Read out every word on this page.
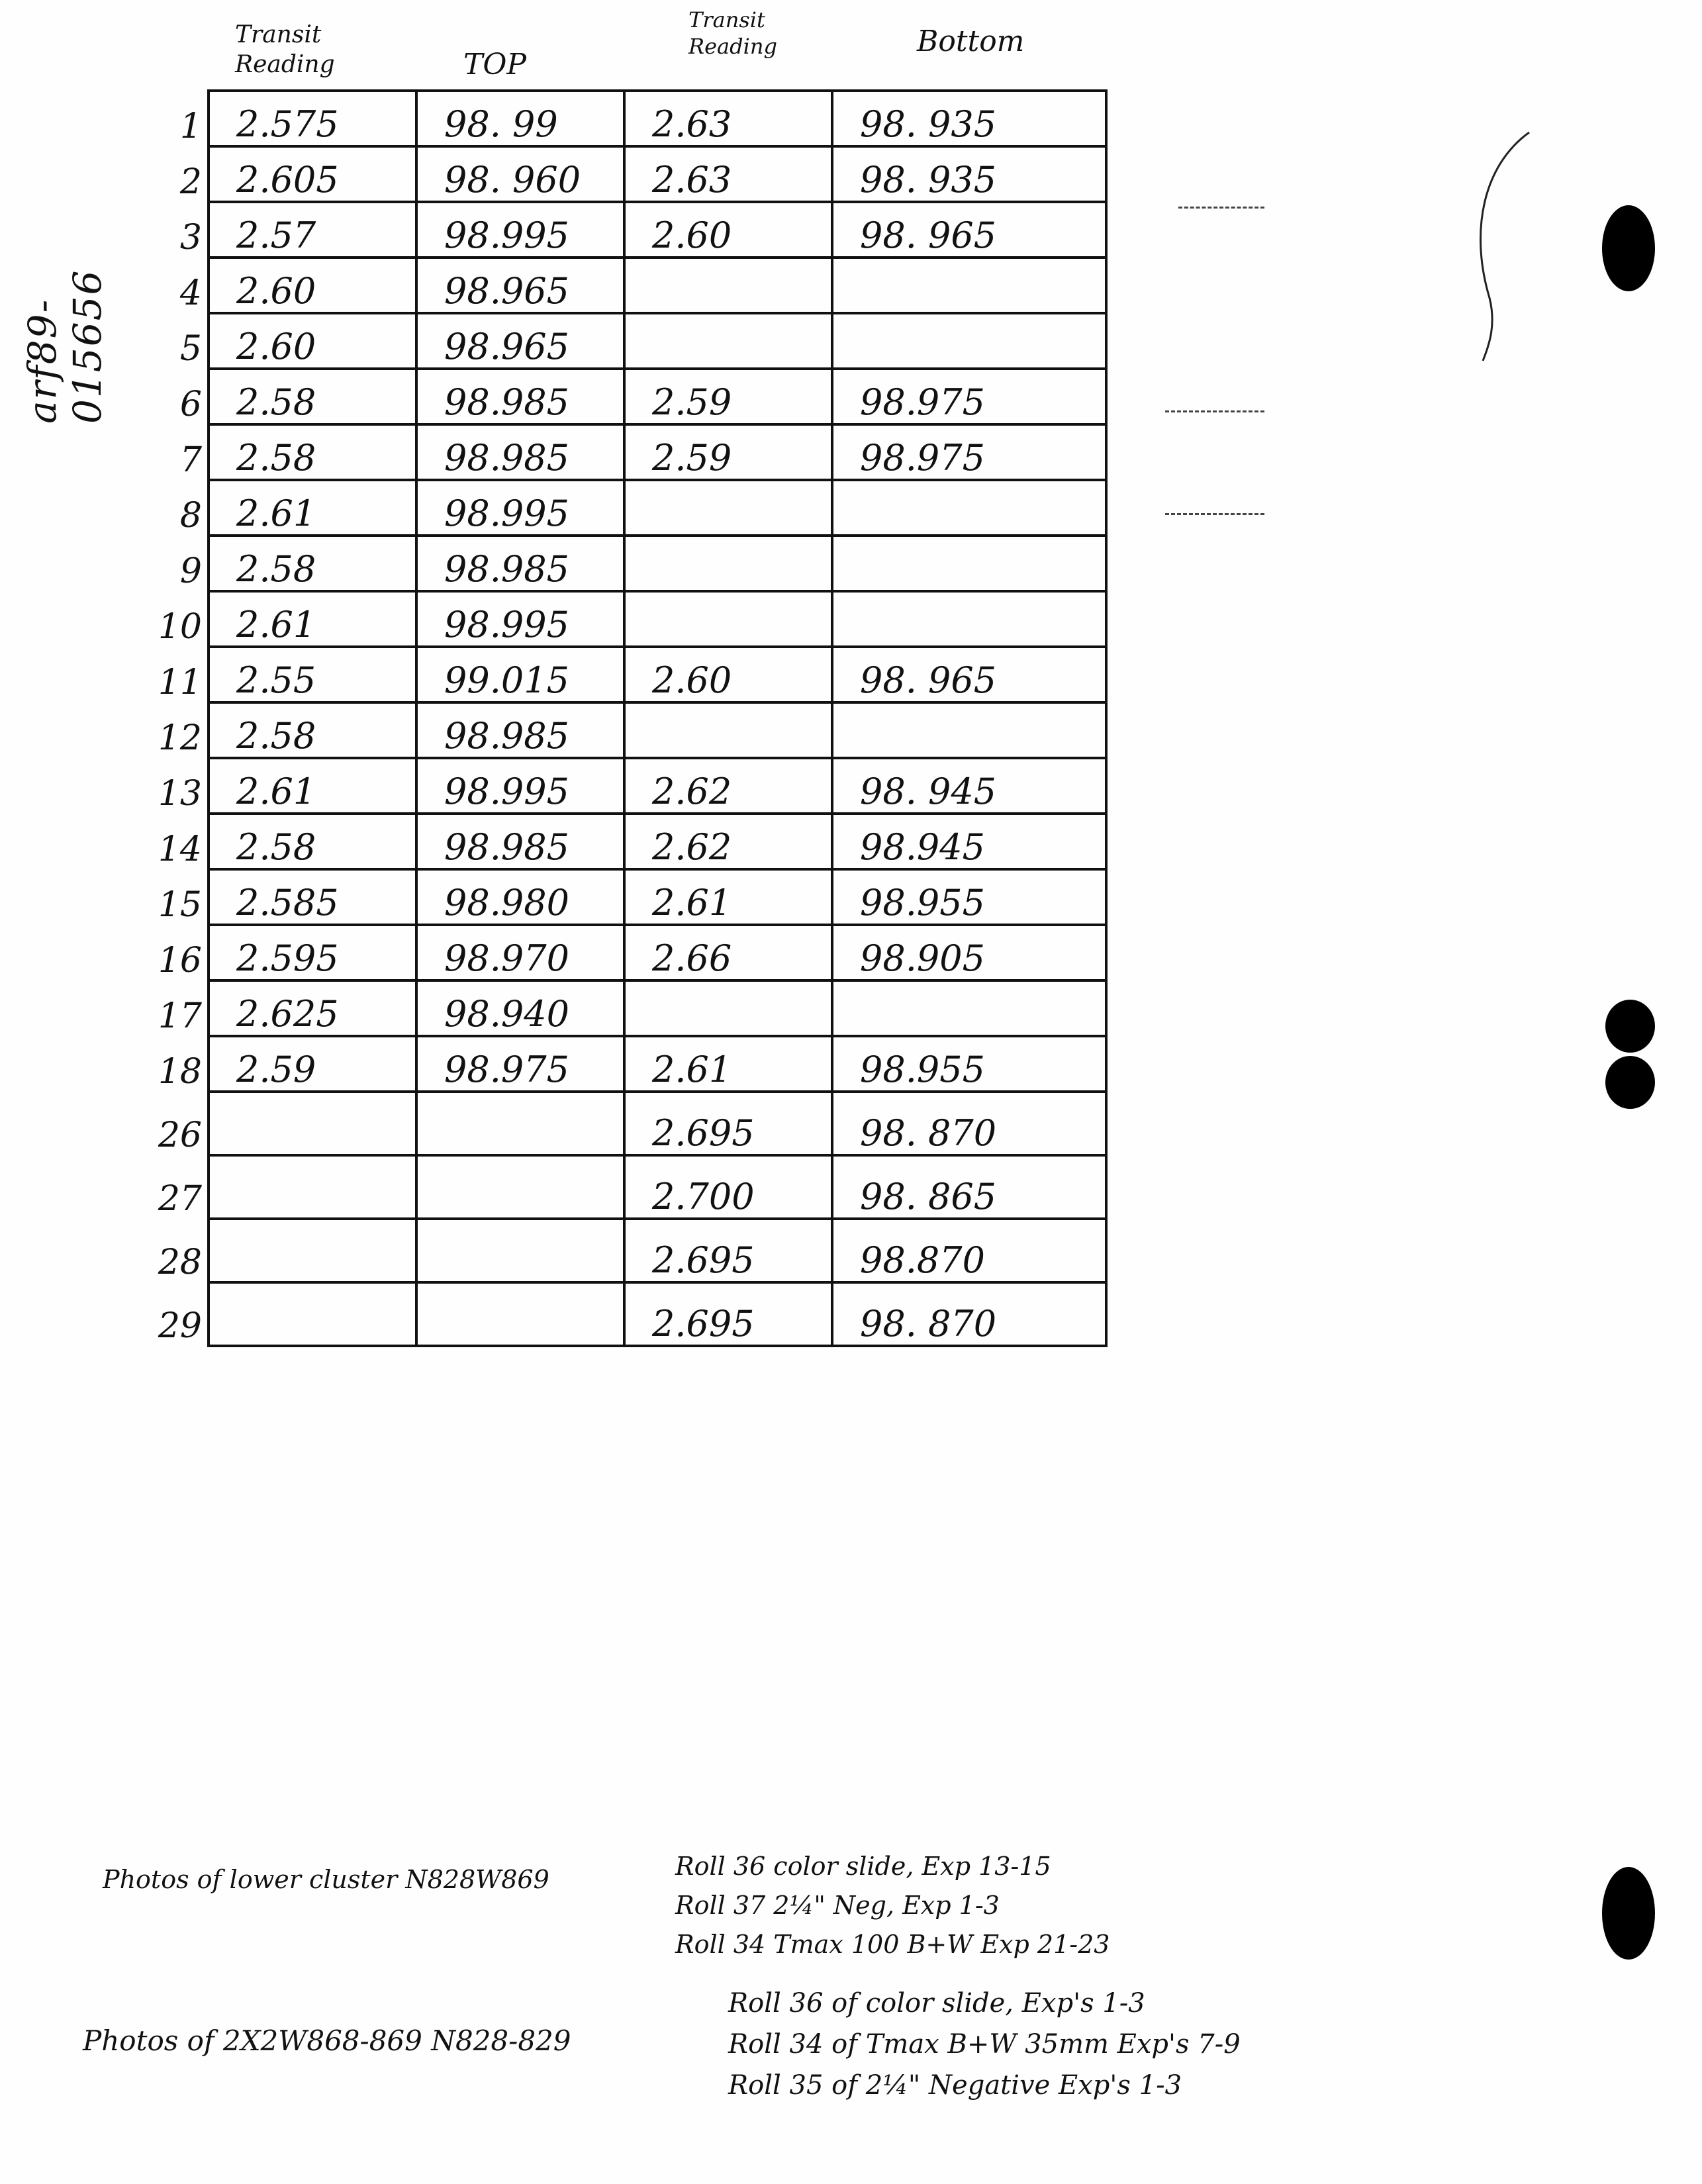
arf89-015656
Transit
Reading	TOP
Transit
Reading	Bottom
1	2.575	98. 99	2.63	98. 935
2	2.605	98. 960	2.63	98. 935
3	2.57	98.995	2.60	98. 965
4	2.60	98.965		
5	2.60	98.965		
6	2.58	98.985	2.59	98.975
7	2.58	98.985	2.59	98.975
8	2.61	98.995		
9	2.58	98.985		
10	2.61	98.995		
11	2.55	99.015	2.60	98. 965
12	2.58	98.985		
13	2.61	98.995	2.62	98. 945
14	2.58	98.985	2.62	98.945
15	2.585	98.980	2.61	98.955
16	2.595	98.970	2.66	98.905
17	2.625	98.940		
18	2.59	98.975	2.61	98.955
26			2.695	98. 870
27			2.700	98. 865
28			2.695	98.870
29			2.695	98. 870
Photos of lower cluster N828W869	Roll 36 color slide, Exp 13-15
Roll 37 2¼" Neg, Exp 1-3
Roll 34 Tmax 100 B+W Exp 21-23
Photos of 2X2W868-869 N828-829
Roll 36 of color slide, Exp's 1-3
Roll 34 of Tmax B+W 35mm Exp's 7-9
Roll 35 of 2¼" Negative Exp's 1-3
